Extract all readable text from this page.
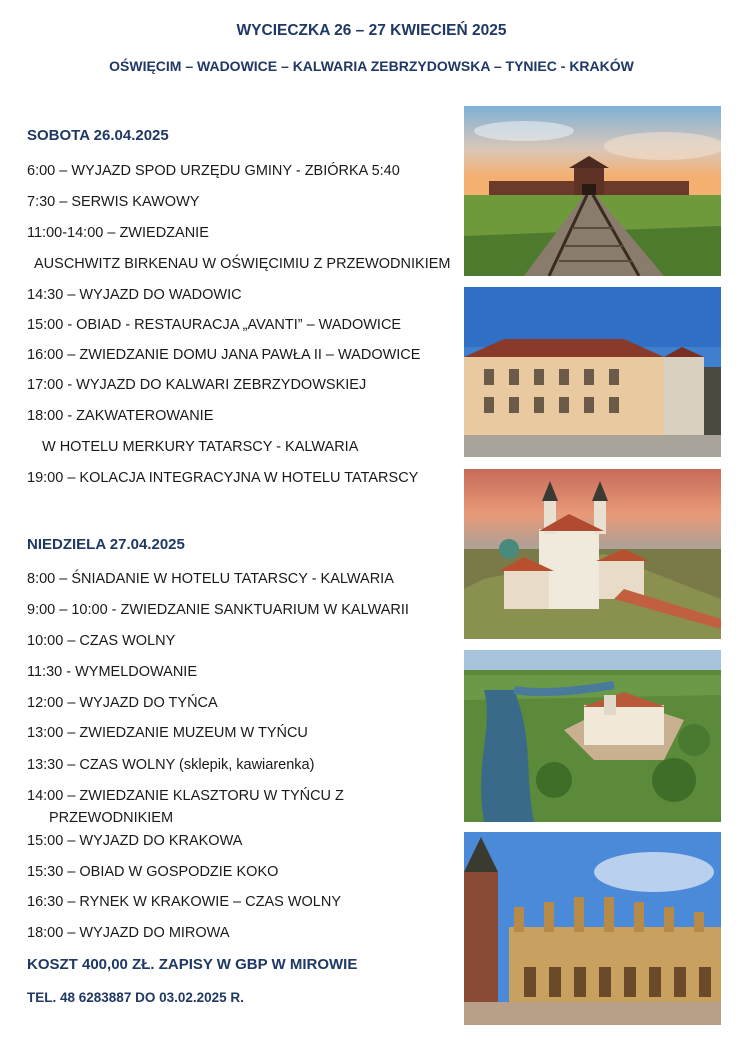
WYCIECZKA 26 – 27 KWIECIEŃ 2025
OŚWIĘCIM – WADOWICE – KALWARIA ZEBRZYDOWSKA – TYNIEC - KRAKÓW
SOBOTA 26.04.2025
6:00 – WYJAZD SPOD URZĘDU GMINY - ZBIÓRKA 5:40
7:30 – SERWIS KAWOWY
11:00-14:00 – ZWIEDZANIE
AUSCHWITZ BIRKENAU W OŚWIĘCIMIU Z PRZEWODNIKIEM
14:30 – WYJAZD DO WADOWIC
15:00 - OBIAD - RESTAURACJA „AVANTI” – WADOWICE
16:00 – ZWIEDZANIE DOMU JANA PAWŁA II – WADOWICE
17:00 - WYJAZD DO KALWARI ZEBRZYDOWSKIEJ
18:00 - ZAKWATEROWANIE
W HOTELU MERKURY TATARSCY - KALWARIA
19:00 – KOLACJA INTEGRACYJNA W HOTELU TATARSCY
NIEDZIELA 27.04.2025
8:00 – ŚNIADANIE W HOTELU TATARSCY - KALWARIA
9:00 – 10:00 - ZWIEDZANIE SANKTUARIUM W KALWARII
10:00 – CZAS WOLNY
11:30 - WYMELDOWANIE
12:00 – WYJAZD DO TYŃCA
13:00 – ZWIEDZANIE MUZEUM W TYŃCU
13:30 – CZAS WOLNY (sklepik, kawiarenka)
14:00 – ZWIEDZANIE KLASZTORU W TYŃCU Z
PRZEWODNIKIEM
15:00 – WYJAZD DO KRAKOWA
15:30 – OBIAD W GOSPODZIE KOKO
16:30 – RYNEK W KRAKOWIE – CZAS WOLNY
18:00 – WYJAZD DO MIROWA
KOSZT 400,00 ZŁ. ZAPISY W GBP W MIROWIE
TEL. 48 6283887 DO 03.02.2025 R.
